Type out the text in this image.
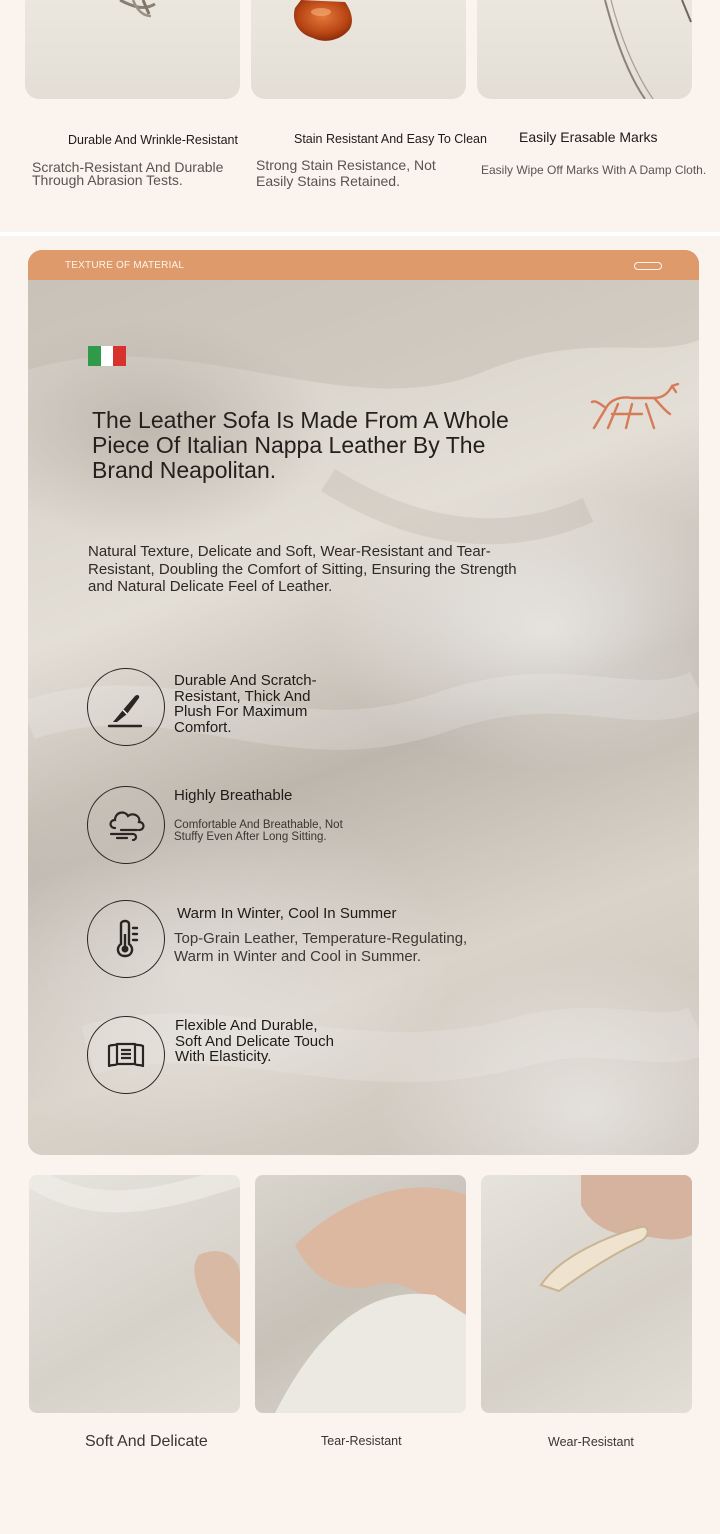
Durable And Wrinkle-Resistant	Stain Resistant And Easy To Clean Easily Erasable Marks
Scratch-Resistant And Durable Through Abrasion Tests.
Strong Stain Resistance, Not Easily Stains Retained.
Easily Wipe Off Marks With A Damp Cloth.
TEXTURE OF MATERIAL
The Leather Sofa Is Made From A Whole Piece Of Italian Nappa Leather By The Brand Neapolitan.
Natural Texture, Delicate and Soft, Wear-Resistant and Tear-Resistant, Doubling the Comfort of Sitting, Ensuring the Strength and Natural Delicate Feel of Leather.
Durable And Scratch-Resistant, Thick And Plush For Maximum Comfort.
Highly Breathable
Comfortable And Breathable, Not Stuffy Even After Long Sitting.
Warm In Winter, Cool In Summer
Top-Grain Leather, Temperature-Regulating, Warm in Winter and Cool in Summer.
Flexible And Durable, Soft And Delicate Touch With Elasticity.
Soft And Delicate	Tear-Resistant	Wear-Resistant
